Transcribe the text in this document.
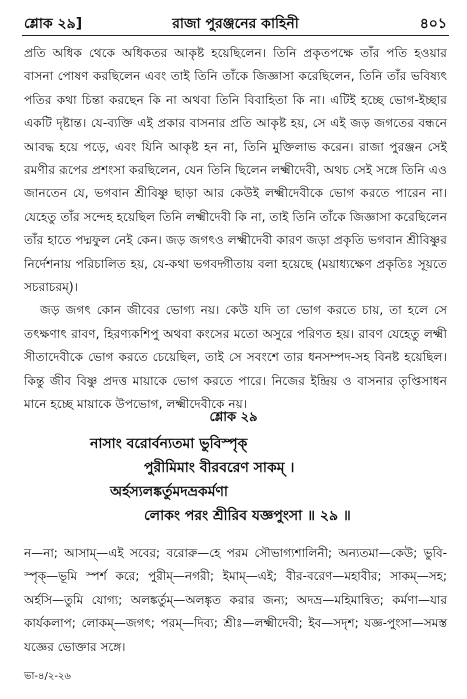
শ্লোক ২৯]	রাজা পুরঞ্জনের কাহিনী	৪০১

প্রতি অধিক থেকে অধিকতর আকৃষ্ট হয়েছিলেন। তিনি প্রকৃতপক্ষে তাঁর পতি হওয়ার বাসনা পোষণ করছিলেন এবং তাই তিনি তাঁকে জিজ্ঞাসা করেছিলেন, তিনি তাঁর ভবিষ্যৎ পতির কথা চিন্তা করছেন কি না অথবা তিনি বিবাহিতা কি না। এটিই হচ্ছে ভোগ-ইচ্ছার একটি দৃষ্টান্ত। যে-ব্যক্তি এই প্রকার বাসনার প্রতি আকৃষ্ট হয়, সে এই জড় জগতের বন্ধনে আবদ্ধ হয়ে পড়ে, এবং যিনি আকৃষ্ট হন না, তিনি মুক্তিলাভ করেন। রাজা পুরঞ্জন সেই রমণীর রূপের প্রশংসা করছিলেন, যেন তিনি ছিলেন লক্ষ্মীদেবী, অথচ সেই সঙ্গে তিনি এও জানতেন যে, ভগবান শ্রীবিষ্ণু ছাড়া আর কেউই লক্ষ্মীদেবীকে ভোগ করতে পারেন না। যেহেতু তাঁর সন্দেহ হয়েছিল তিনি লক্ষ্মীদেবী কি না, তাই তিনি তাঁকে জিজ্ঞাসা করেছিলেন তাঁর হাতে পদ্মফুল নেই কেন। জড় জগৎও লক্ষ্মীদেবী কারণ জড়া প্রকৃতি ভগবান শ্রীবিষ্ণুর নির্দেশনায় পরিচালিত হয়, যে-কথা ভগবদ্গীতায় বলা হয়েছে (ময়াধ্যক্ষেণ প্রকৃতিঃ সূয়তে সচরাচরম্)।

জড় জগৎ কোন জীবের ভোগ্য নয়। কেউ যদি তা ভোগ করতে চায়, তা হলে সে তৎক্ষণাৎ রাবণ, হিরণ্যকশিপু অথবা কংসের মতো অসুরে পরিণত হয়। রাবণ যেহেতু লক্ষ্মী সীতাদেবীকে ভোগ করতে চেয়েছিল, তাই সে সবংশে তার ধনসম্পদ-সহ বিনষ্ট হয়েছিল। কিন্তু জীব বিষ্ণু প্রদত্ত মায়াকে ভোগ করতে পারে। নিজের ইন্দ্রিয় ও বাসনার তৃপ্তিসাধন মানে হচ্ছে মায়াকে উপভোগ, লক্ষ্মীদেবীকে নয়।

শ্লোক ২৯
নাসাং বরোর্বন্যতমা ভুবিস্পৃক্
পুরীমিমাং বীরবরেণ সাকম্ ।
অর্হস্যলঙ্কর্তুমদভ্রকর্মণা
লোকং পরং শ্রীরিব যজ্ঞপুংসা ॥ ২৯ ॥
ন—না; আসাম্—এই সবের; বরোরু—হে পরম সৌভাগ্যশালিনী; অন্যতমা—কেউ; ভুবি-স্পৃক্—ভূমি স্পর্শ করে; পুরীম্—নগরী; ইমাম্—এই; বীর-বরেণ—মহাবীর; সাকম্—সহ; অর্হসি—তুমি যোগ্য; অলঙ্কর্তুম্—অলঙ্কৃত করার জন্য; অদভ্র—মহিমান্বিত; কর্মণা—যার কার্যকলাপ; লোকম্—জগৎ; পরম্—দিব্য; শ্রীঃ—লক্ষ্মীদেবী; ইব—সদৃশ; যজ্ঞ-পুংসা—সমস্ত যজ্ঞের ভোক্তার সঙ্গে।
ভা-৪/২-২৬
